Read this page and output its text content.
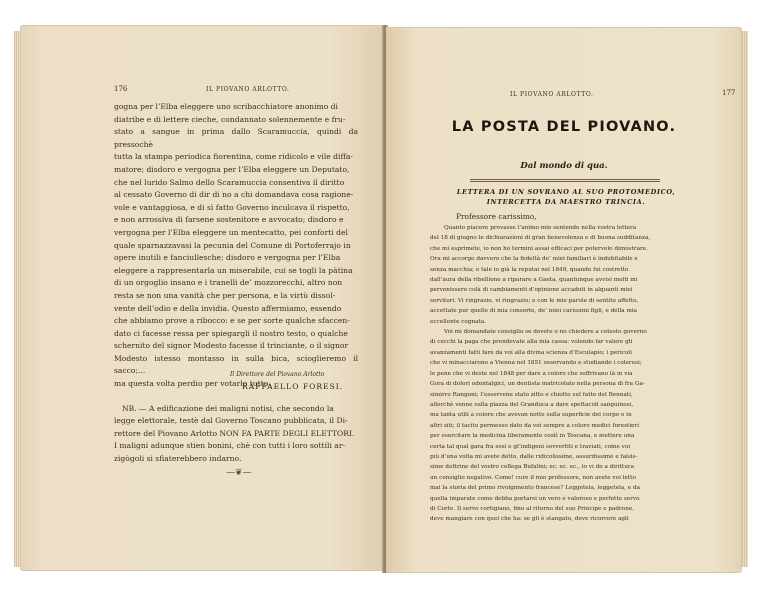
176	IL PIOVANO ARLOTTO.

gogna per l’Elba eleggere uno scribacchiatore anonimo di

diatribe e di lettere cieche, condannato solennemente e fru-

stato a sangue in prima dallo Scaramuccia, quindi da pressochè

tutta la stampa periodica fiorentina, come ridicolo e vile diffa-

matore; disdoro e vergogna per l’Elba eleggere un Deputato,

che nel lurido Salmo dello Scaramuccia consentiva il diritto

al cessato Governo di dir di no a chi domandava cosa ragione-

vole e vantaggiosa, e di sì fatto Governo inculcava il rispetto,

e non arrossiva di farsene sostenitore e avvocato; disdoro e

vergogna per l’Elba eleggere un mentecatto, pei conforti del

quale sparnazzavasi la pecunia del Comune di Portoferrajo in

opere inutili e fanciullesche; disdoro e vergogna per l’Elba

eleggere a rappresentarla un miserabile, cui se togli la pàtina

di un orgoglio insano e i tranelli de’ mozzorecchi, altro non

resta se non una vanità che per persona, e la virtù dissol-

vente dell’odio e della invidia. Questo affermiamo, essendo

che abbiamo prove a ribocco: e se per sorte qualche sfaccen-

dato ci facesse ressa per spiegargli il nostro testo, o qualche

schernito del signor Modesto facesse il trinciante, o il signor

Modesto istesso montasso in sulla bica, scioglieremo il sacco;...

ma questa volta perdio per votarlo tutto.

Il Direttore del Piovano Arlotto
RAFFAELLO FORESI.

NB. — A edificazione dei maligni notisi, che secondo la

legge elettorale, testè dal Governo Toscano pubblicata, il Di-

rettore del Piovano Arlotto NON FA PARTE DEGLI ELETTORI.

I maligni adunque stien bonini, chè con tutti i loro sottili ar-

zigògoli si sfiaterebbero indarno.

—❦—
IL PIOVANO ARLOTTO.	177
LA POSTA DEL PIOVANO.
Dal mondo di qua.
LETTERA DI UN SOVRANO AL SUO PROTOMEDICO,
INTERCETTA DA MAESTRO TRINCIA.
Professore carissimo,

Quanto piacere provasse l’animo mio sentendo nella vostra lettera

del 18 di giugno le dichiarazioni di gran benevolenza e di buona sudditanza,

che mi esprimete, io non ho termini assai efficaci per potervelo dimostrare.

Ora mi accorgo davvero che la fedeltà de’ miei familiari è indubitabile e

senza macchia; e tale io già la reputai nel 1849, quando fui costretto

dall’aura della ribellione a riparare a Gaeta, quantunque avvisi molti mi

pervenissero colà di cambiamenti d’opinione accaduti in alquanti miei

servitori. Vi ringrazio, vi ringrazio; e con le mie parole di sentito affetto,

accettate pur quelle di mia consorte, de’ miei carissimi figli, e della mia

eccellente cognata.

Voi mi domandate consiglio se dovete o no chiedere a cotesto governo

di cecchi la paga che prendevate alla mia cassa: volendo far valere gli

avanzamenti fatti fare da voi alla divina scienza d’Esculapio; i pericoli

che vi minacciarono a Vienna nel 1851 osservando e studiando i colerosi;

le pene che vi deste nel 1848 per dare a coloro che soffrivano là in via

Gora di dolori odontalgici, un dentista matricolato nella persona di fra Ga-

simirro Rangoni; l’esservene stato zitto e chiotto sul fatto del Bennati,

allorchè venne sulla piazza del Granduca a dare spettacoli sanguinosi,

ma tanta utili a colore che avevan notte sulla superficie del corpo e in

altri siti; il tacito permesso dato da voi sempre a coloro medici forestieri

per esercitare la medicina liberamente costì in Toscana, e mettere una

certa tal qual gara fra essi e gl’indigeni sovvertiti e traviati, come voi

più d’una volta mi avete detto, dalle ridicolissime, assurdissime e falsis-

sime dottrine del vostro collega Bufalini; ec. ec. ec., io vi do a dirittura

un consiglio negativo. Come! cure il mio professore, non avete voi letto

mai la storia del primo rivolgimento francese? Leggetela, leggetela, e da

quella imparate come debba portarsi un vero e valoroso e perfetto servo

di Corte. Il servo cortigiano, fino al ritorno del suo Principe e padrone,

deve mangiare con quei che ha: se gli è stangato, deve ricorrere agli
